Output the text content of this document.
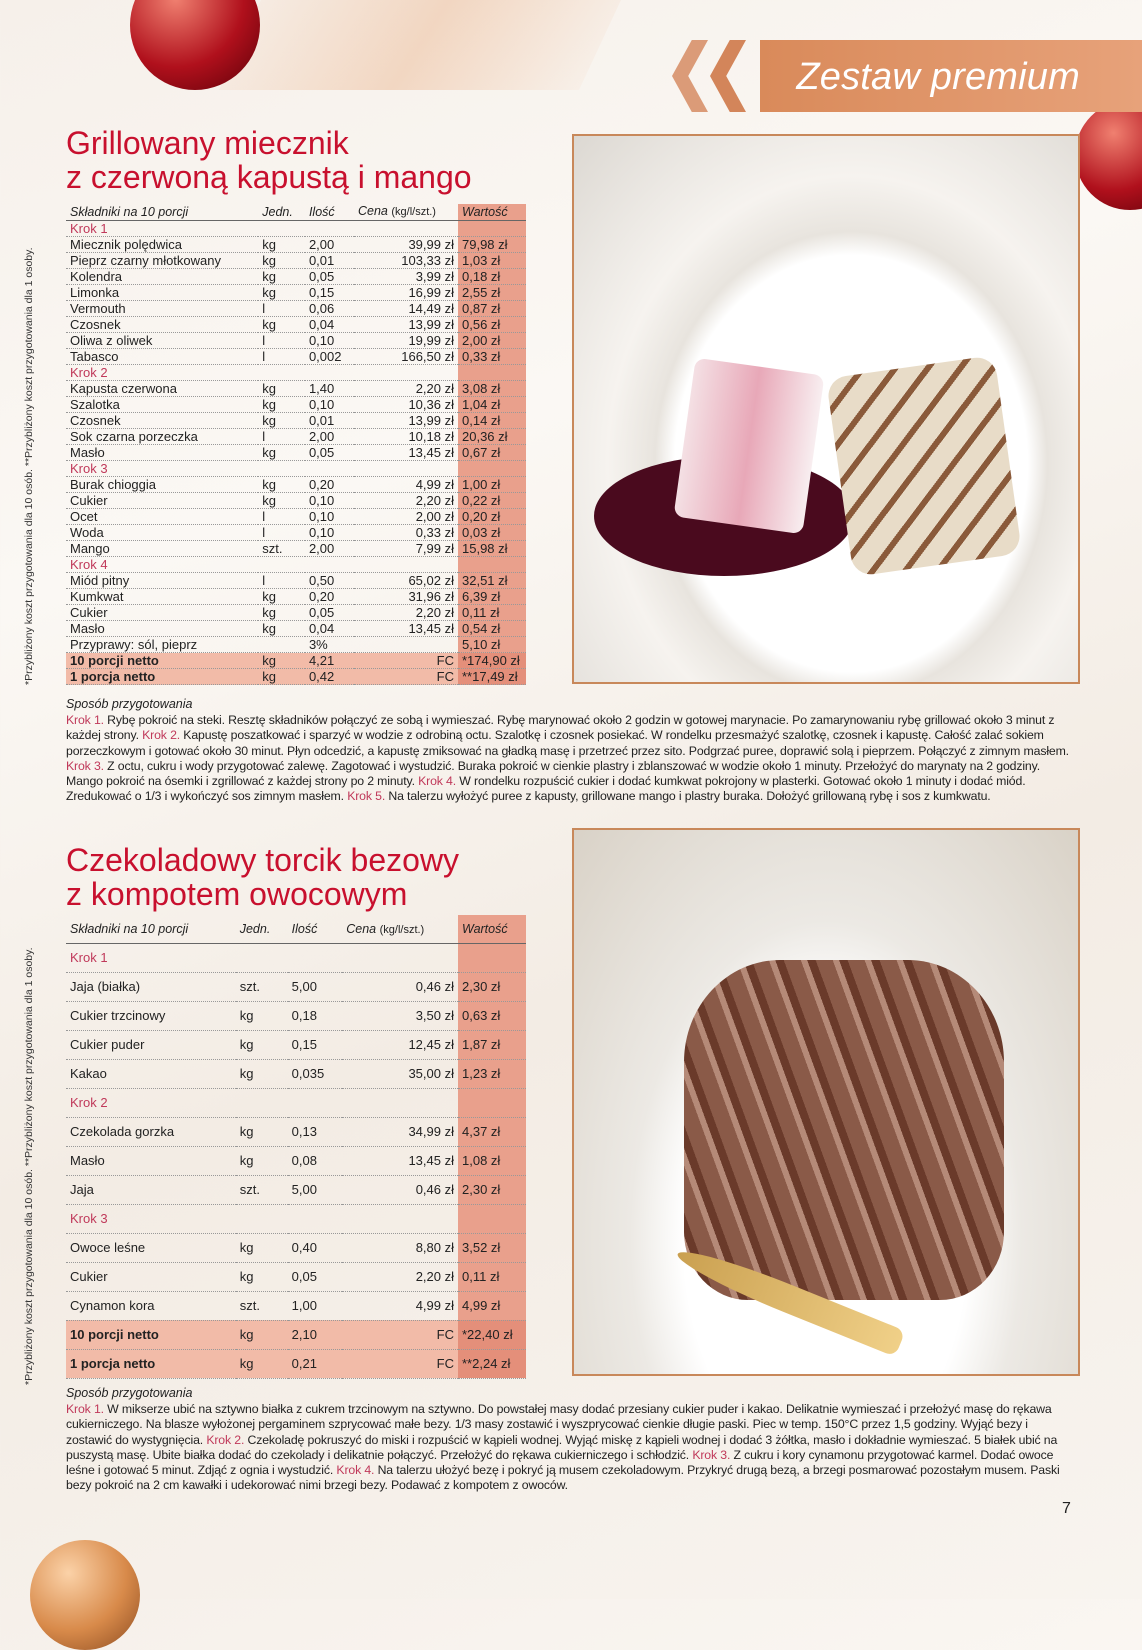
Zestaw premium
*Przybliżony koszt przygotowania dla 10 osób. **Przybliżony koszt przygotowania dla 1 osoby.
*Przybliżony koszt przygotowania dla 10 osób. **Przybliżony koszt przygotowania dla 1 osoby.
Grillowany miecznik
z czerwoną kapustą i mango
Składniki na 10 porcji	Jedn.	Ilość	Cena (kg/l/szt.)	Wartość
Krok 1				
Miecznik polędwica	kg	2,00	39,99 zł	79,98 zł
Pieprz czarny młotkowany	kg	0,01	103,33 zł	1,03 zł
Kolendra	kg	0,05	3,99 zł	0,18 zł
Limonka	kg	0,15	16,99 zł	2,55 zł
Vermouth	l	0,06	14,49 zł	0,87 zł
Czosnek	kg	0,04	13,99 zł	0,56 zł
Oliwa z oliwek	l	0,10	19,99 zł	2,00 zł
Tabasco	l	0,002	166,50 zł	0,33 zł
Krok 2				
Kapusta czerwona	kg	1,40	2,20 zł	3,08 zł
Szalotka	kg	0,10	10,36 zł	1,04 zł
Czosnek	kg	0,01	13,99 zł	0,14 zł
Sok czarna porzeczka	l	2,00	10,18 zł	20,36 zł
Masło	kg	0,05	13,45 zł	0,67 zł
Krok 3				
Burak chioggia	kg	0,20	4,99 zł	1,00 zł
Cukier	kg	0,10	2,20 zł	0,22 zł
Ocet	l	0,10	2,00 zł	0,20 zł
Woda	l	0,10	0,33 zł	0,03 zł
Mango	szt.	2,00	7,99 zł	15,98 zł
Krok 4				
Miód pitny	l	0,50	65,02 zł	32,51 zł
Kumkwat	kg	0,20	31,96 zł	6,39 zł
Cukier	kg	0,05	2,20 zł	0,11 zł
Masło	kg	0,04	13,45 zł	0,54 zł
Przyprawy: sól, pieprz		3%		5,10 zł
10 porcji netto	kg	4,21	FC	*174,90 zł
1 porcja netto	kg	0,42	FC	**17,49 zł
Sposób przygotowania
Krok 1. Rybę pokroić na steki. Resztę składników połączyć ze sobą i wymieszać. Rybę marynować około 2 godzin w gotowej marynacie. Po zamarynowaniu rybę grillować około 3 minut z każdej strony. Krok 2. Kapustę poszatkować i sparzyć w wodzie z odrobiną octu. Szalotkę i czosnek posiekać. W rondelku przesmażyć szalotkę, czosnek i kapustę. Całość zalać sokiem porzeczkowym i gotować około 30 minut. Płyn odcedzić, a kapustę zmiksować na gładką masę i przetrzeć przez sito. Podgrzać puree, doprawić solą i pieprzem. Połączyć z zimnym masłem. Krok 3. Z octu, cukru i wody przygotować zalewę. Zagotować i wystudzić. Buraka pokroić w cienkie plastry i zblanszować w wodzie około 1 minuty. Przełożyć do marynaty na 2 godziny. Mango pokroić na ósemki i zgrillować z każdej strony po 2 minuty. Krok 4. W rondelku rozpuścić cukier i dodać kumkwat pokrojony w plasterki. Gotować około 1 minuty i dodać miód. Zredukować o 1/3 i wykończyć sos zimnym masłem. Krok 5. Na talerzu wyłożyć puree z kapusty, grillowane mango i plastry buraka. Dołożyć grillowaną rybę i sos z kumkwatu.
Czekoladowy torcik bezowy
z kompotem owocowym
Składniki na 10 porcji	Jedn.	Ilość	Cena (kg/l/szt.)	Wartość
Krok 1				
Jaja (białka)	szt.	5,00	0,46 zł	2,30 zł
Cukier trzcinowy	kg	0,18	3,50 zł	0,63 zł
Cukier puder	kg	0,15	12,45 zł	1,87 zł
Kakao	kg	0,035	35,00 zł	1,23 zł
Krok 2				
Czekolada gorzka	kg	0,13	34,99 zł	4,37 zł
Masło	kg	0,08	13,45 zł	1,08 zł
Jaja	szt.	5,00	0,46 zł	2,30 zł
Krok 3				
Owoce leśne	kg	0,40	8,80 zł	3,52 zł
Cukier	kg	0,05	2,20 zł	0,11 zł
Cynamon kora	szt.	1,00	4,99 zł	4,99 zł
10 porcji netto	kg	2,10	FC	*22,40 zł
1 porcja netto	kg	0,21	FC	**2,24 zł
Sposób przygotowania
Krok 1. W mikserze ubić na sztywno białka z cukrem trzcinowym na sztywno. Do powstałej masy dodać przesiany cukier puder i kakao. Delikatnie wymieszać i przełożyć masę do rękawa cukierniczego. Na blasze wyłożonej pergaminem szprycować małe bezy. 1/3 masy zostawić i wyszprycować cienkie długie paski. Piec w temp. 150°C przez 1,5 godziny. Wyjąć bezy i zostawić do wystygnięcia. Krok 2. Czekoladę pokruszyć do miski i rozpuścić w kąpieli wodnej. Wyjąć miskę z kąpieli wodnej i dodać 3 żółtka, masło i dokładnie wymieszać. 5 białek ubić na puszystą masę. Ubite białka dodać do czekolady i delikatnie połączyć. Przełożyć do rękawa cukierniczego i schłodzić. Krok 3. Z cukru i kory cynamonu przygotować karmel. Dodać owoce leśne i gotować 5 minut. Zdjąć z ognia i wystudzić. Krok 4. Na talerzu ułożyć bezę i pokryć ją musem czekoladowym. Przykryć drugą bezą, a brzegi posmarować pozostałym musem. Paski bezy pokroić na 2 cm kawałki i udekorować nimi brzegi bezy. Podawać z kompotem z owoców.
7
